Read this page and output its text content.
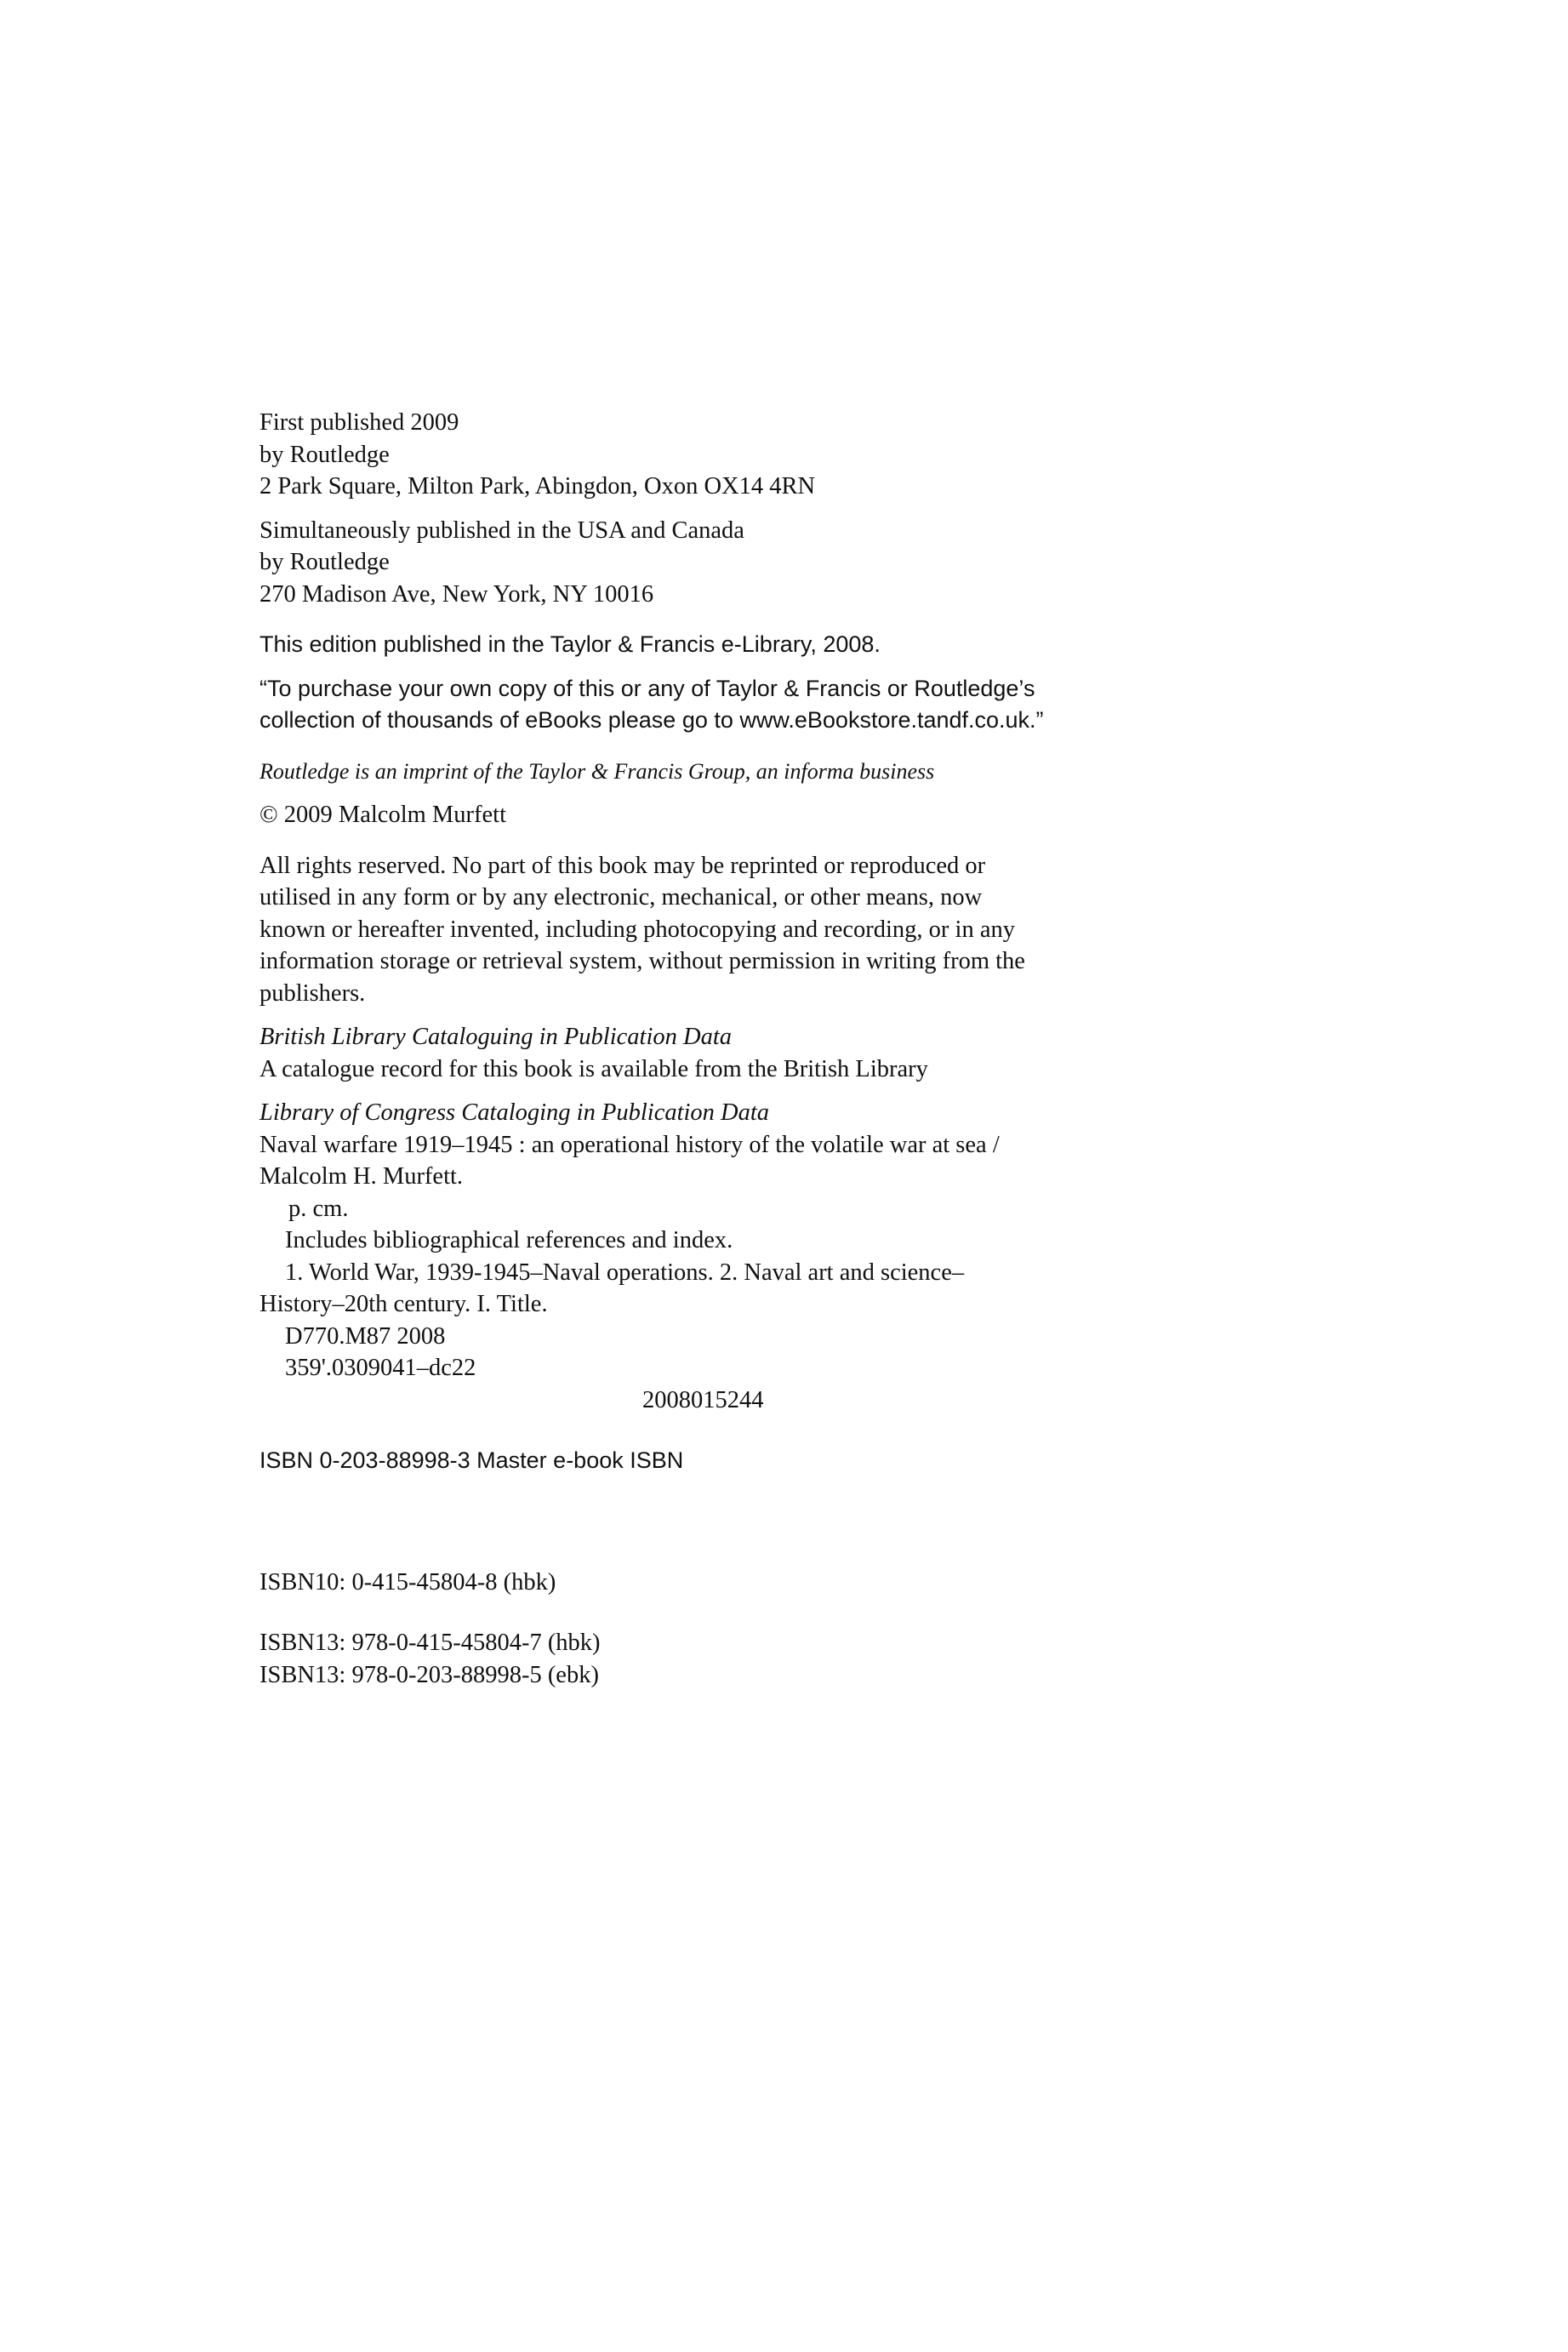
First published 2009
by Routledge
2 Park Square, Milton Park, Abingdon, Oxon OX14 4RN
Simultaneously published in the USA and Canada
by Routledge
270 Madison Ave, New York, NY 10016
This edition published in the Taylor & Francis e-Library, 2008.
“To purchase your own copy of this or any of Taylor & Francis or Routledge’s
collection of thousands of eBooks please go to www.eBookstore.tandf.co.uk.”
Routledge is an imprint of the Taylor & Francis Group, an informa business
© 2009 Malcolm Murfett
All rights reserved. No part of this book may be reprinted or reproduced or
utilised in any form or by any electronic, mechanical, or other means, now
known or hereafter invented, including photocopying and recording, or in any
information storage or retrieval system, without permission in writing from the
publishers.
British Library Cataloguing in Publication Data
A catalogue record for this book is available from the British Library
Library of Congress Cataloging in Publication Data
Naval warfare 1919–1945 : an operational history of the volatile war at sea /
Malcolm H. Murfett.
p. cm.
Includes bibliographical references and index.
1. World War, 1939-1945–Naval operations. 2. Naval art and science–
History–20th century. I. Title.
D770.M87 2008
359'.0309041–dc22
2008015244
ISBN 0-203-88998-3 Master e-book ISBN
ISBN10: 0-415-45804-8 (hbk)
ISBN13: 978-0-415-45804-7 (hbk)
ISBN13: 978-0-203-88998-5 (ebk)
